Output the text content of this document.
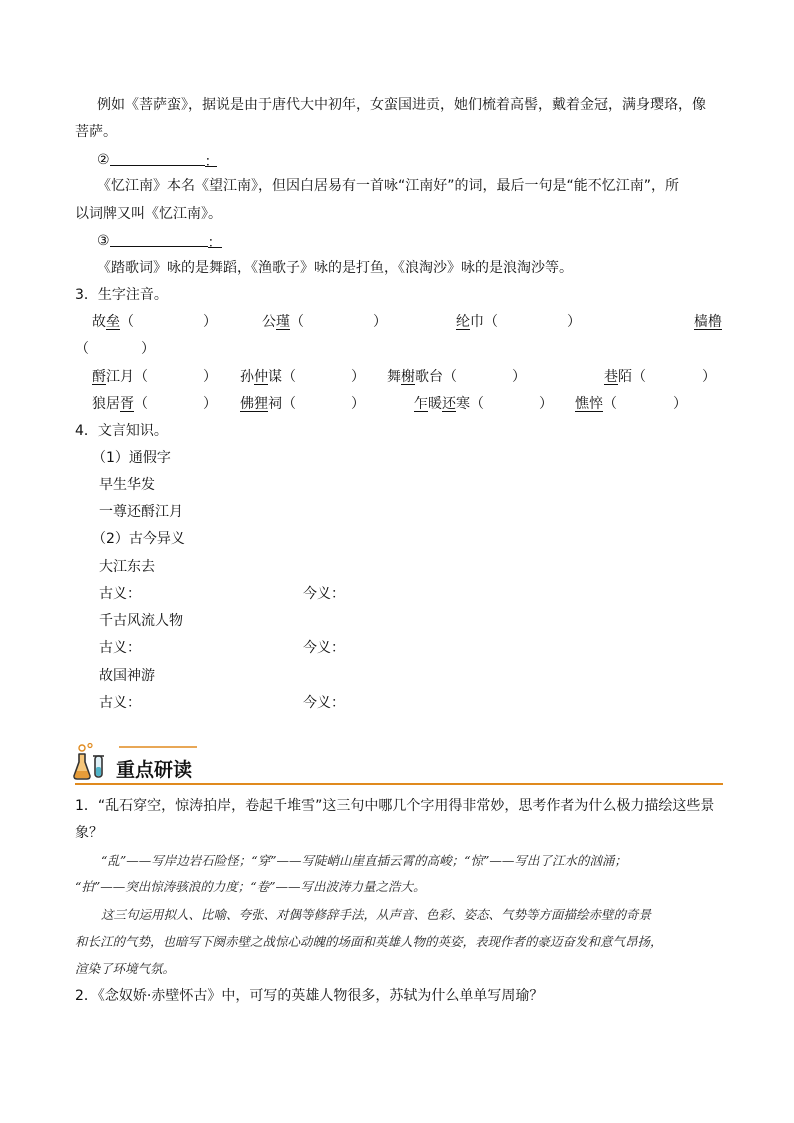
例如《菩萨蛮》，据说是由于唐代大中初年，女蛮国进贡，她们梳着高髻，戴着金冠，满身璎珞，像
菩萨。
②	：
《忆江南》本名《望江南》，但因白居易有一首咏“江南好”的词，最后一句是“能不忆江南”，所
以词牌又叫《忆江南》。
③	：
《踏歌词》咏的是舞蹈，《渔歌子》咏的是打鱼，《浪淘沙》咏的是浪淘沙等。
3．生字注音。
故垒（	）	公瑾（	）	纶巾（	）	樯橹
（	）
酹江月（	） 孙仲谋（	） 舞榭歌台（	）	巷陌（	）
狼居胥（	） 佛狸祠（	）	乍暖还寒（	） 憔悴（	）
4．文言知识。
（1）通假字
早生华发
一尊还酹江月
（2）古今异义
大江东去
古义：	今义：
千古风流人物
古义：	今义：
故国神游
古义：	今义：
重点研读
1．“乱石穿空，惊涛拍岸，卷起千堆雪”这三句中哪几个字用得非常妙，思考作者为什么极力描绘这些景
象？
“乱”——写岸边岩石险怪；“穿”——写陡峭山崖直插云霄的高峻；“惊”——写出了江水的汹涌；
“拍”——突出惊涛骇浪的力度；“卷”——写出波涛力量之浩大。
这三句运用拟人、比喻、夸张、对偶等修辞手法，从声音、色彩、姿态、气势等方面描绘赤壁的奇景
和长江的气势，也暗写下阕赤壁之战惊心动魄的场面和英雄人物的英姿，表现作者的豪迈奋发和意气昂扬，
渲染了环境气氛。
2．《念奴娇·赤壁怀古》中，可写的英雄人物很多，苏轼为什么单单写周瑜？
